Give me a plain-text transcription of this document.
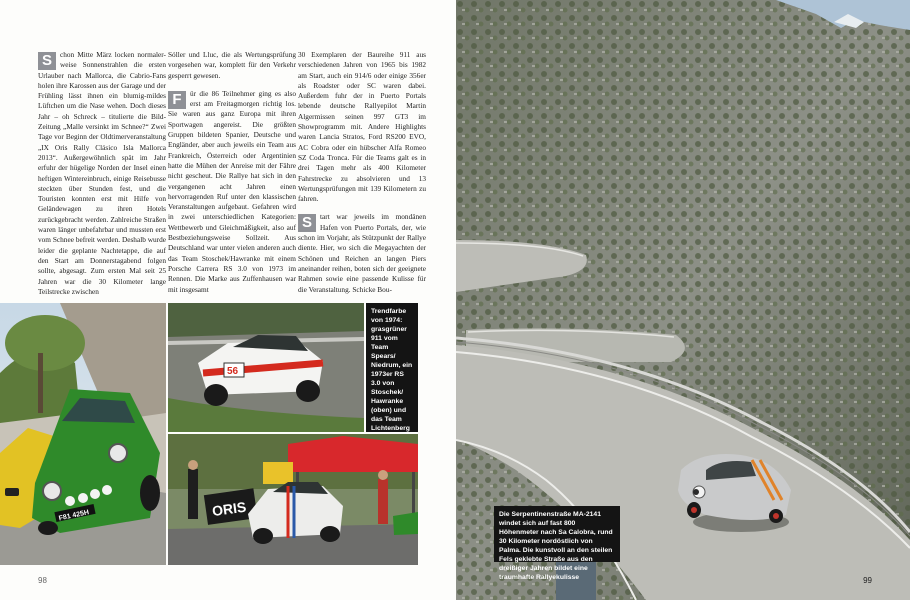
S	chon Mitte März locken normaler-weise Sonnenstrahlen die ersten Urlauber nach Mallorca, die Cabrio-Fans holen ihre Karossen aus der Garage und der Frühling lässt ihnen ein blumig-mildes Lüftchen um die Nase wehen. Doch dieses Jahr – oh Schreck – titulierte die Bild-Zeitung „Malle versinkt im Schnee?“ Zwei Tage vor Beginn der Oldtimerveranstaltung „IX Oris Rally Clásico Isla Mallorca 2013“. Außergewöhnlich spät im Jahr erfuhr der hügelige Norden der Insel einen heftigen Wintereinbruch, einige Reisebusse steckten über Stunden fest, und die Touristen konnten erst mit Hilfe von Geländewagen zu ihren Hotels zurückgebracht werden. Zahlreiche Straßen waren länger unbefahrbar und mussten erst vom Schnee befreit werden. Deshalb wurde leider die geplante Nachtetappe, die auf den Start am Donnerstagabend folgen sollte, abgesagt. Zum ersten Mal seit 25 Jahren war die 30 Kilometer lange Teilstrecke zwischen

Sóller und Lluc, die als Wertungsprüfung vorgesehen war, komplett für den Verkehr gesperrt gewesen.

F	ür die 86 Teilnehmer ging es also erst am Freitagmorgen richtig los. Sie waren aus ganz Europa mit ihren Sportwagen angereist. Die größten Gruppen bildeten Spanier, Deutsche und Engländer, aber auch jeweils ein Team aus Frankreich, Österreich oder Argentinien hatte die Mühen der Anreise mit der Fähre nicht gescheut. Die Rallye hat sich in den vergangenen acht Jahren einen hervorragenden Ruf unter den klassischen Veranstaltungen aufgebaut. Gefahren wird in zwei unterschiedlichen Kategorien: Wettbewerb und Gleichmäßigkeit, also auf Bestbeziehungsweise Sollzeit. Aus Deutschland war unter vielen anderen auch das Team Stoschek/Hawranke mit einem Porsche Carrera RS 3.0 von 1973 im Rennen. Die Marke aus Zuffenhausen war mit insgesamt

30 Exemplaren der Baureihe 911 aus verschiedenen Jahren von 1965 bis 1982 am Start, auch ein 914/6 oder einige 356er als Roadster oder SC waren dabei. Außerdem fuhr der in Puerto Portals lebende deutsche Rallyepilot Martin Algermissen seinen 997 GT3 im Showprogramm mit. Andere Highlights waren Lancia Stratos, Ford RS200 EVO, AC Cobra oder ein hübscher Alfa Romeo SZ Coda Tronca. Für die Teams galt es in drei Tagen mehr als 400 Kilometer Fahrstrecke zu absolvieren und 13 Wertungsprüfungen mit 139 Kilometern zu fahren.

S	tart war jeweils im mondänen Hafen von Puerto Portals, der, wie schon im Vorjahr, als Stützpunkt der Rallye diente. Hier, wo sich die Megayachten der Schönen und Reichen an langen Piers aneinander reihen, boten sich der geeignete Rahmen sowie eine passende Kulisse für die Veranstaltung. Schicke Bou-

F81 425H
56
Trendfarbe von 1974: grasgrüner 911 vom Team Spears/ Niedrum, ein 1973er RS 3.0 von Stoschek/ Hawranke (oben) und das Team Lichtenberg
ORIS
98
Die Serpentinenstraße MA-2141 windet sich auf fast 800 Höhenmeter nach Sa Calobra, rund 30 Kilometer nordöstlich von Palma. Die kunstvoll an den steilen Fels geklebte Straße aus den dreißiger Jahren bildet eine traumhafte Rallyekulisse	99
